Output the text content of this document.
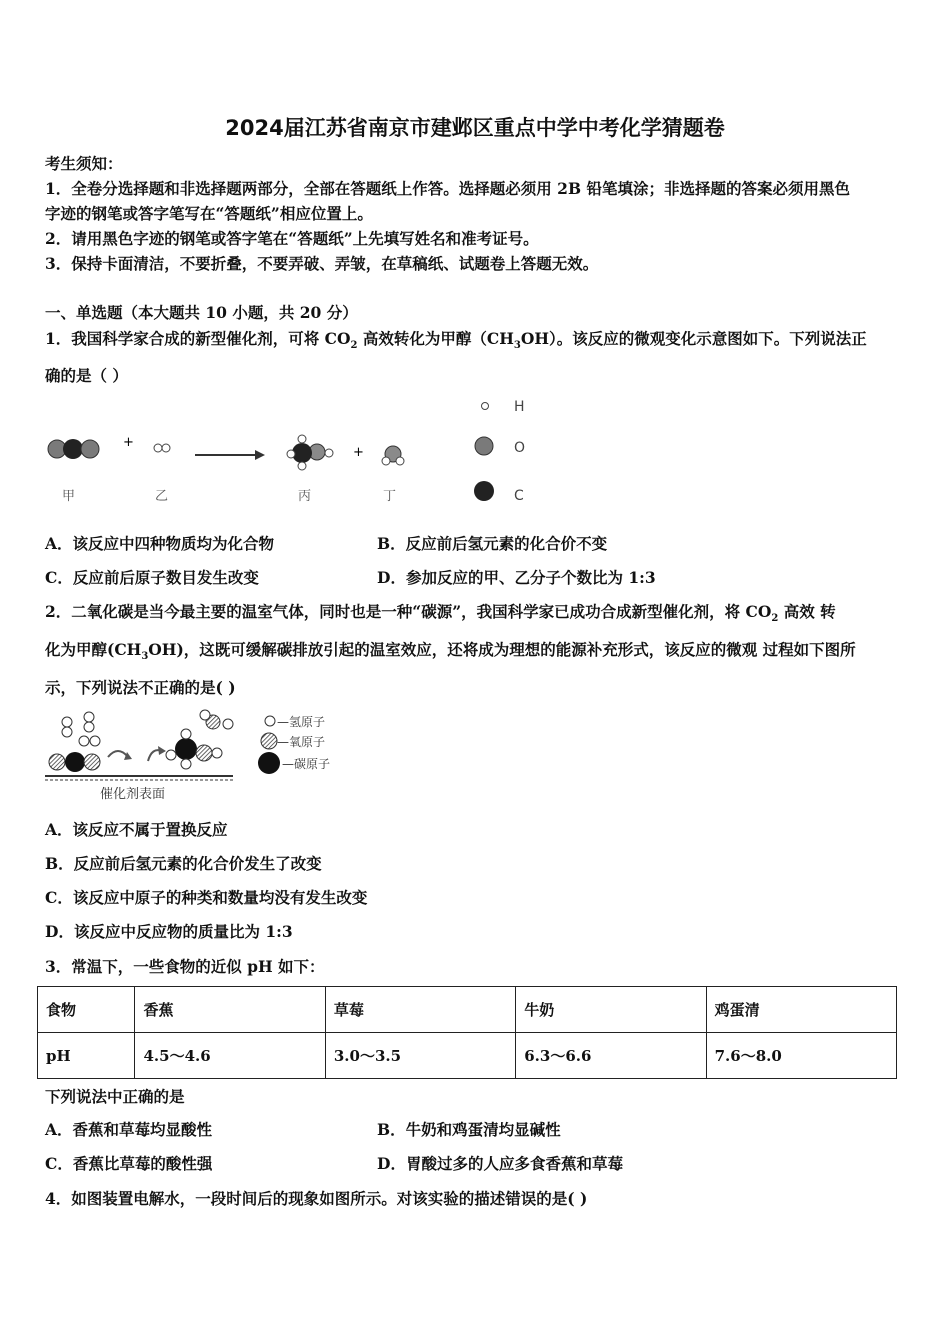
2024届江苏省南京市建邺区重点中学中考化学猜题卷
考生须知：
1．全卷分选择题和非选择题两部分，全部在答题纸上作答。选择题必须用 2B 铅笔填涂；非选择题的答案必须用黑色
字迹的钢笔或答字笔写在“答题纸”相应位置上。
2．请用黑色字迹的钢笔或答字笔在“答题纸”上先填写姓名和准考证号。
3．保持卡面清洁，不要折叠，不要弄破、弄皱，在草稿纸、试题卷上答题无效。
一、单选题（本大题共 10 小题，共 20 分）
1．我国科学家合成的新型催化剂，可将 $CO_2$ 高效转化为甲醇$(CH_3OH)$。该反应的微观变化示意图如下。下列说法正
确的是（ ）
+
+
甲	乙	丙	丁
H
O
C
A．该反应中四种物质均为化合物	B．反应前后氢元素的化合价不变
C．反应前后原子数目发生改变	D．参加反应的甲、乙分子个数比为 1:3
2．二氧化碳是当今最主要的温室气体，同时也是一种“碳源”，我国科学家已成功合成新型催化剂，将 $CO_2$ 高效 转
化为甲醇$(CH_3OH)$，这既可缓解碳排放引起的温室效应，还将成为理想的能源补充形式，该反应的微观 过程如下图所
示，下列说法不正确的是( )
催化剂表面
—氢原子
—氧原子
—碳原子
A．该反应不属于置换反应
B．反应前后氢元素的化合价发生了改变
C．该反应中原子的种类和数量均没有发生改变
D．该反应中反应物的质量比为 1:3
3．常温下，一些食物的近似 pH 如下：
食物	香蕉	草莓	牛奶	鸡蛋清
pH	4.5～4.6	3.0～3.5	6.3～6.6	7.6～8.0
下列说法中正确的是
A．香蕉和草莓均显酸性	B．牛奶和鸡蛋清均显碱性
C．香蕉比草莓的酸性强	D．胃酸过多的人应多食香蕉和草莓
4．如图装置电解水，一段时间后的现象如图所示。对该实验的描述错误的是( )
